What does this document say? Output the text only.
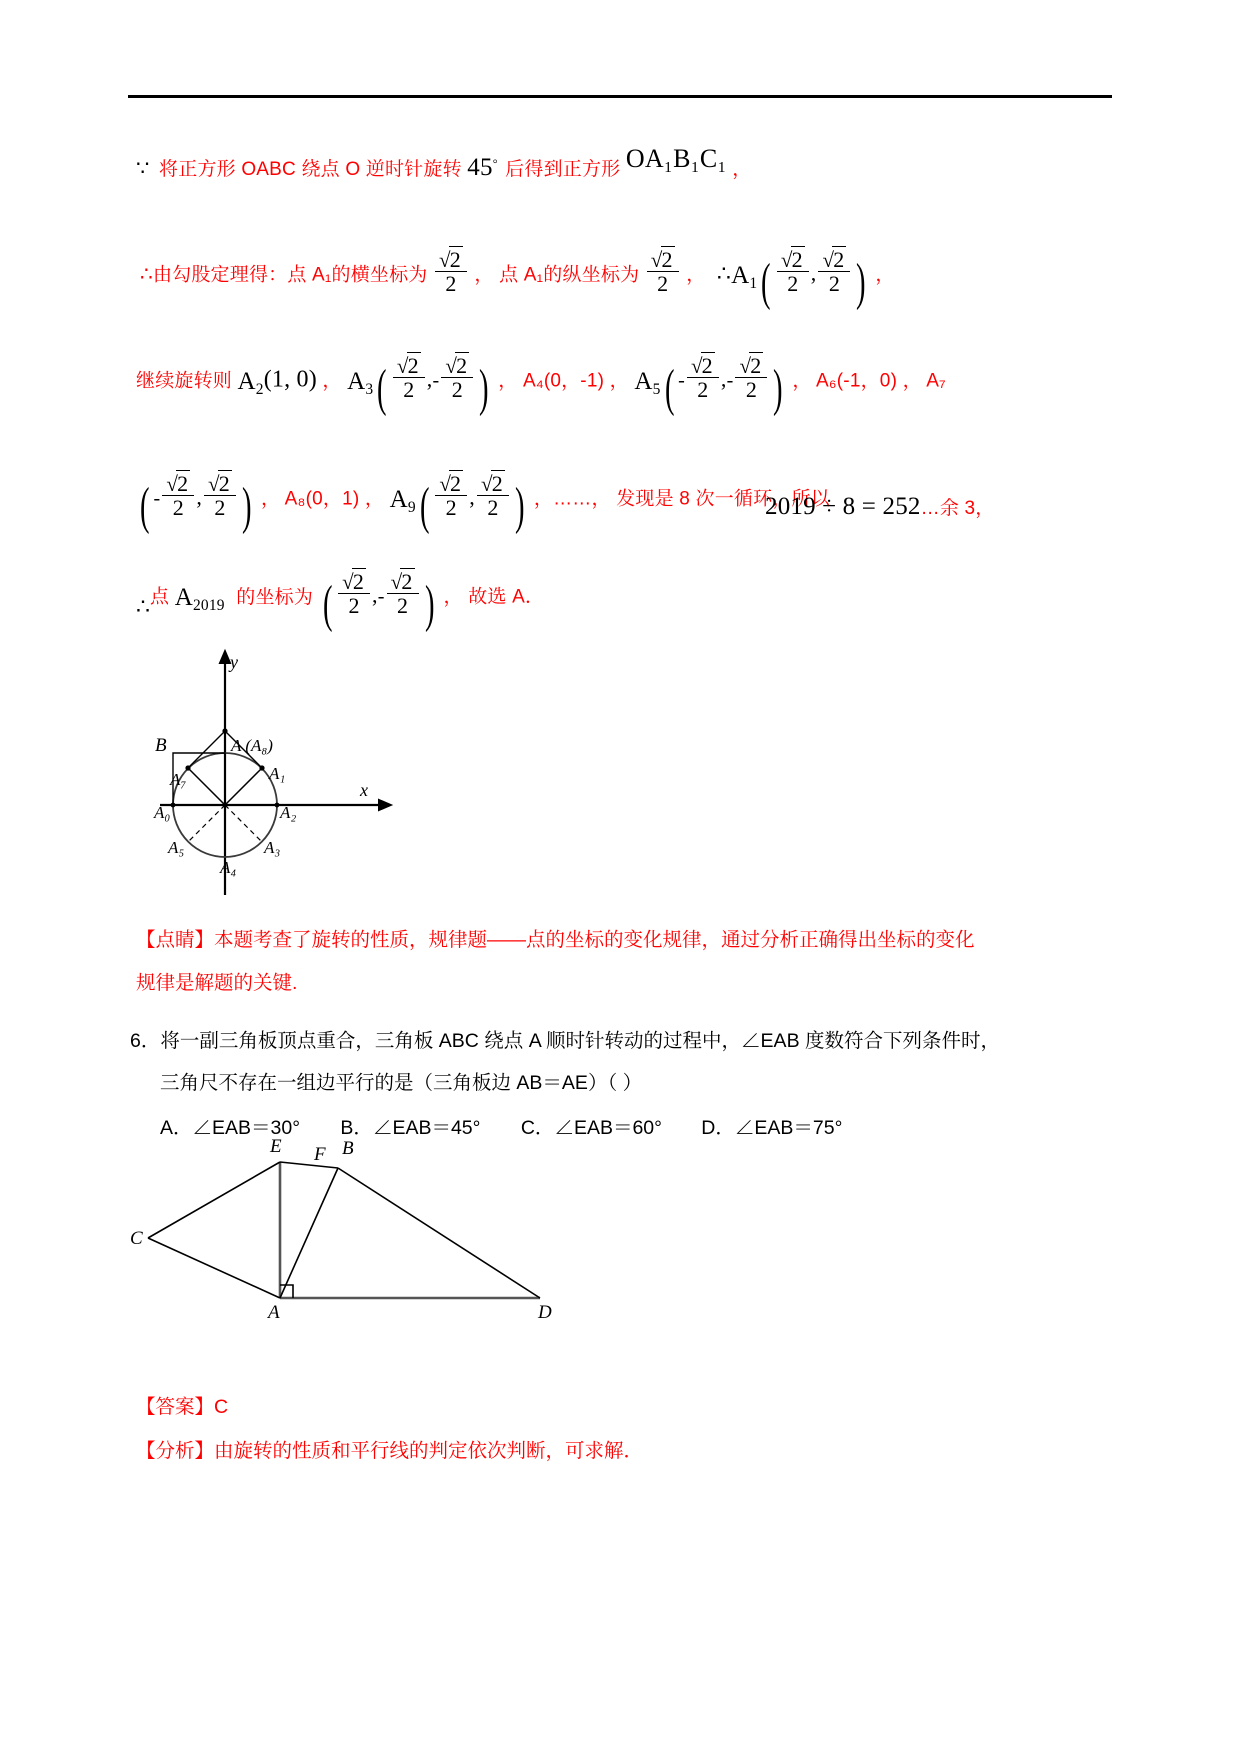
∵ 将正方形 OABC 绕点 O 逆时针旋转 45° 后得到正方形 OA₁B₁C₁ ，
∴由勾股定理得：点 A₁的横坐标为 $\frac{√2}{2}$ ， 点 A₁的纵坐标为 $\frac{√2}{2}$ ， $\therefore A_1( \frac{√2}{2}$ , $\frac{√2}{2}$ ) ，
继续旋转则 $A_2(1$, 0) ， $A_3( \frac{√2}{2}$ ,- $\frac{√2}{2}$ ) ， A₄(0，-1) ， $A_5( - \frac{√2}{2}$ ,- $\frac{√2}{2}$ ) ， A₆(-1，0) ， A₇
( - $\frac{√2}{2}$ , $\frac{√2}{2}$ ) ， A₈(0，1) ， $A_9( \frac{√2}{2}$ , $\frac{√2}{2}$ ) ，……， 发现是 8 次一循环，所以
2019 ÷ 8 = 252…余 3，
点 $A_{2019}$ 的坐标为 ( $\frac{√2}{2}$ ,- $\frac{√2}{2}$ ) ， 故选 A．
∴
x
y
B	A (A₈)
A₁
A₇
A₀	A₂
A₅	A₃
A₄
【点睛】本题考查了旋转的性质，规律题——点的坐标的变化规律，通过分析正确得出坐标的变化
规律是解题的关键.
6．将一副三角板顶点重合，三角板 ABC 绕点 A 顺时针转动的过程中，∠EAB 度数符合下列条件时，
三角尺不存在一组边平行的是（三角板边 AB＝AE）（ ）
A．∠EAB＝30° B．∠EAB＝45° C．∠EAB＝60° D．∠EAB＝75°
E F B
C
A	D
【答案】C
【分析】由旋转的性质和平行线的判定依次判断，可求解．
